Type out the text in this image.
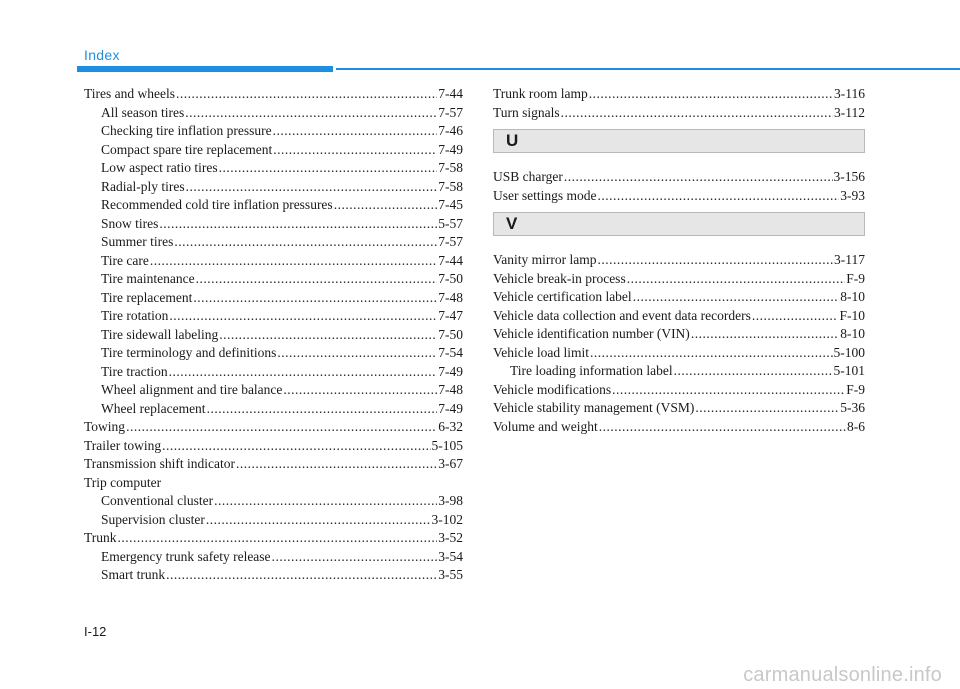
Index
Tires and wheels .....	7-44
All season tires .....	7-57
Checking tire inflation pressure .....	7-46
Compact spare tire replacement .....	7-49
Low aspect ratio tires .....	7-58
Radial-ply tires .....	7-58
Recommended cold tire inflation pressures .....	7-45
Snow tires .....	5-57
Summer tires .....	7-57
Tire care .....	7-44
Tire maintenance .....	7-50
Tire replacement .....	7-48
Tire rotation .....	7-47
Tire sidewall labeling .....	7-50
Tire terminology and definitions .....	7-54
Tire traction .....	7-49
Wheel alignment and tire balance .....	7-48
Wheel replacement .....	7-49
Towing .....	6-32
Trailer towing .....	5-105
Transmission shift indicator .....	3-67
Trip computer
Conventional cluster .....	3-98
Supervision cluster .....	3-102
Trunk .....	3-52
Emergency trunk safety release .....	3-54
Smart trunk .....	3-55
Trunk room lamp .....	3-116
Turn signals .....	3-112
U
USB charger .....	3-156
User settings mode .....	3-93
V
Vanity mirror lamp .....	3-117
Vehicle break-in process .....	F-9
Vehicle certification label .....	8-10
Vehicle data collection and event data recorders .....	F-10
Vehicle identification number (VIN) .....	8-10
Vehicle load limit .....	5-100
Tire loading information label .....	5-101
Vehicle modifications .....	F-9
Vehicle stability management (VSM) .....	5-36
Volume and weight .....	8-6
I-12
carmanualsonline.info
